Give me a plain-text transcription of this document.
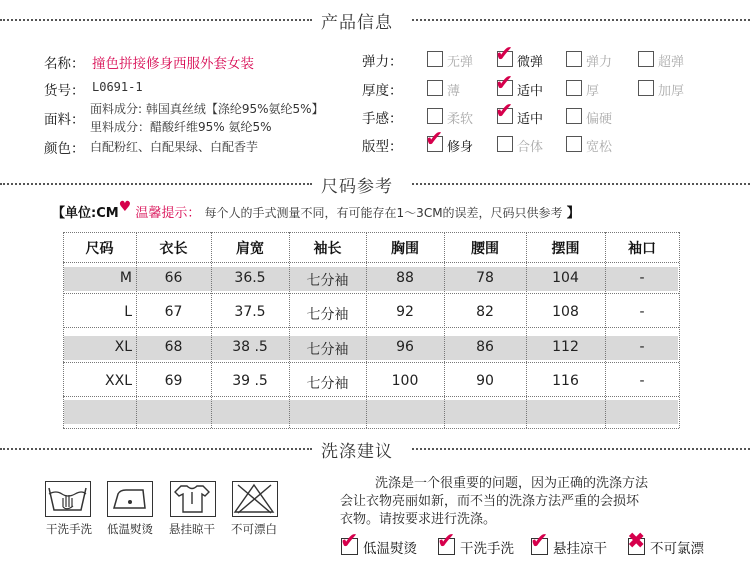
产品信息
名称： 撞色拼接修身西服外套女装
货号： L0691-1
面料：
面料成分: 韩国真丝绒【涤纶95%氨纶5%】
里料成分：醋酸纤维95% 氨纶5%
颜色： 白配粉红、白配果绿、白配香芋
弹力：	无弹 ✔ 微弹	弹力	超弹
厚度：	薄 ✔ 适中	厚	加厚
手感：	柔软 ✔ 适中	偏硬
版型： ✔ 修身	合体	宽松
尺码参考
【单位:CM♥ 温馨提示： 每个人的手式测量不同，有可能存在1～3CM的误差，尺码只供参考 】
尺码	衣长	肩宽	袖长	胸围	腰围	摆围	袖口
M	66	36.5	七分袖	88	78	104	-
L	67	37.5	七分袖	92	82	108	-
XL	68	38 .5	七分袖	96	86	112	-
XXL	69	39 .5	七分袖	100	90	116	-
洗涤建议
干洗手洗	低温熨烫	悬挂晾干	不可漂白
洗涤是一个很重要的问题，因为正确的洗涤方法
会让衣物亮丽如新，而不当的洗涤方法严重的会损坏
衣物。请按要求进行洗涤。
✔ 低温熨烫 ✔ 干洗手洗 ✔ 悬挂凉干 ✖ 不可氯漂
